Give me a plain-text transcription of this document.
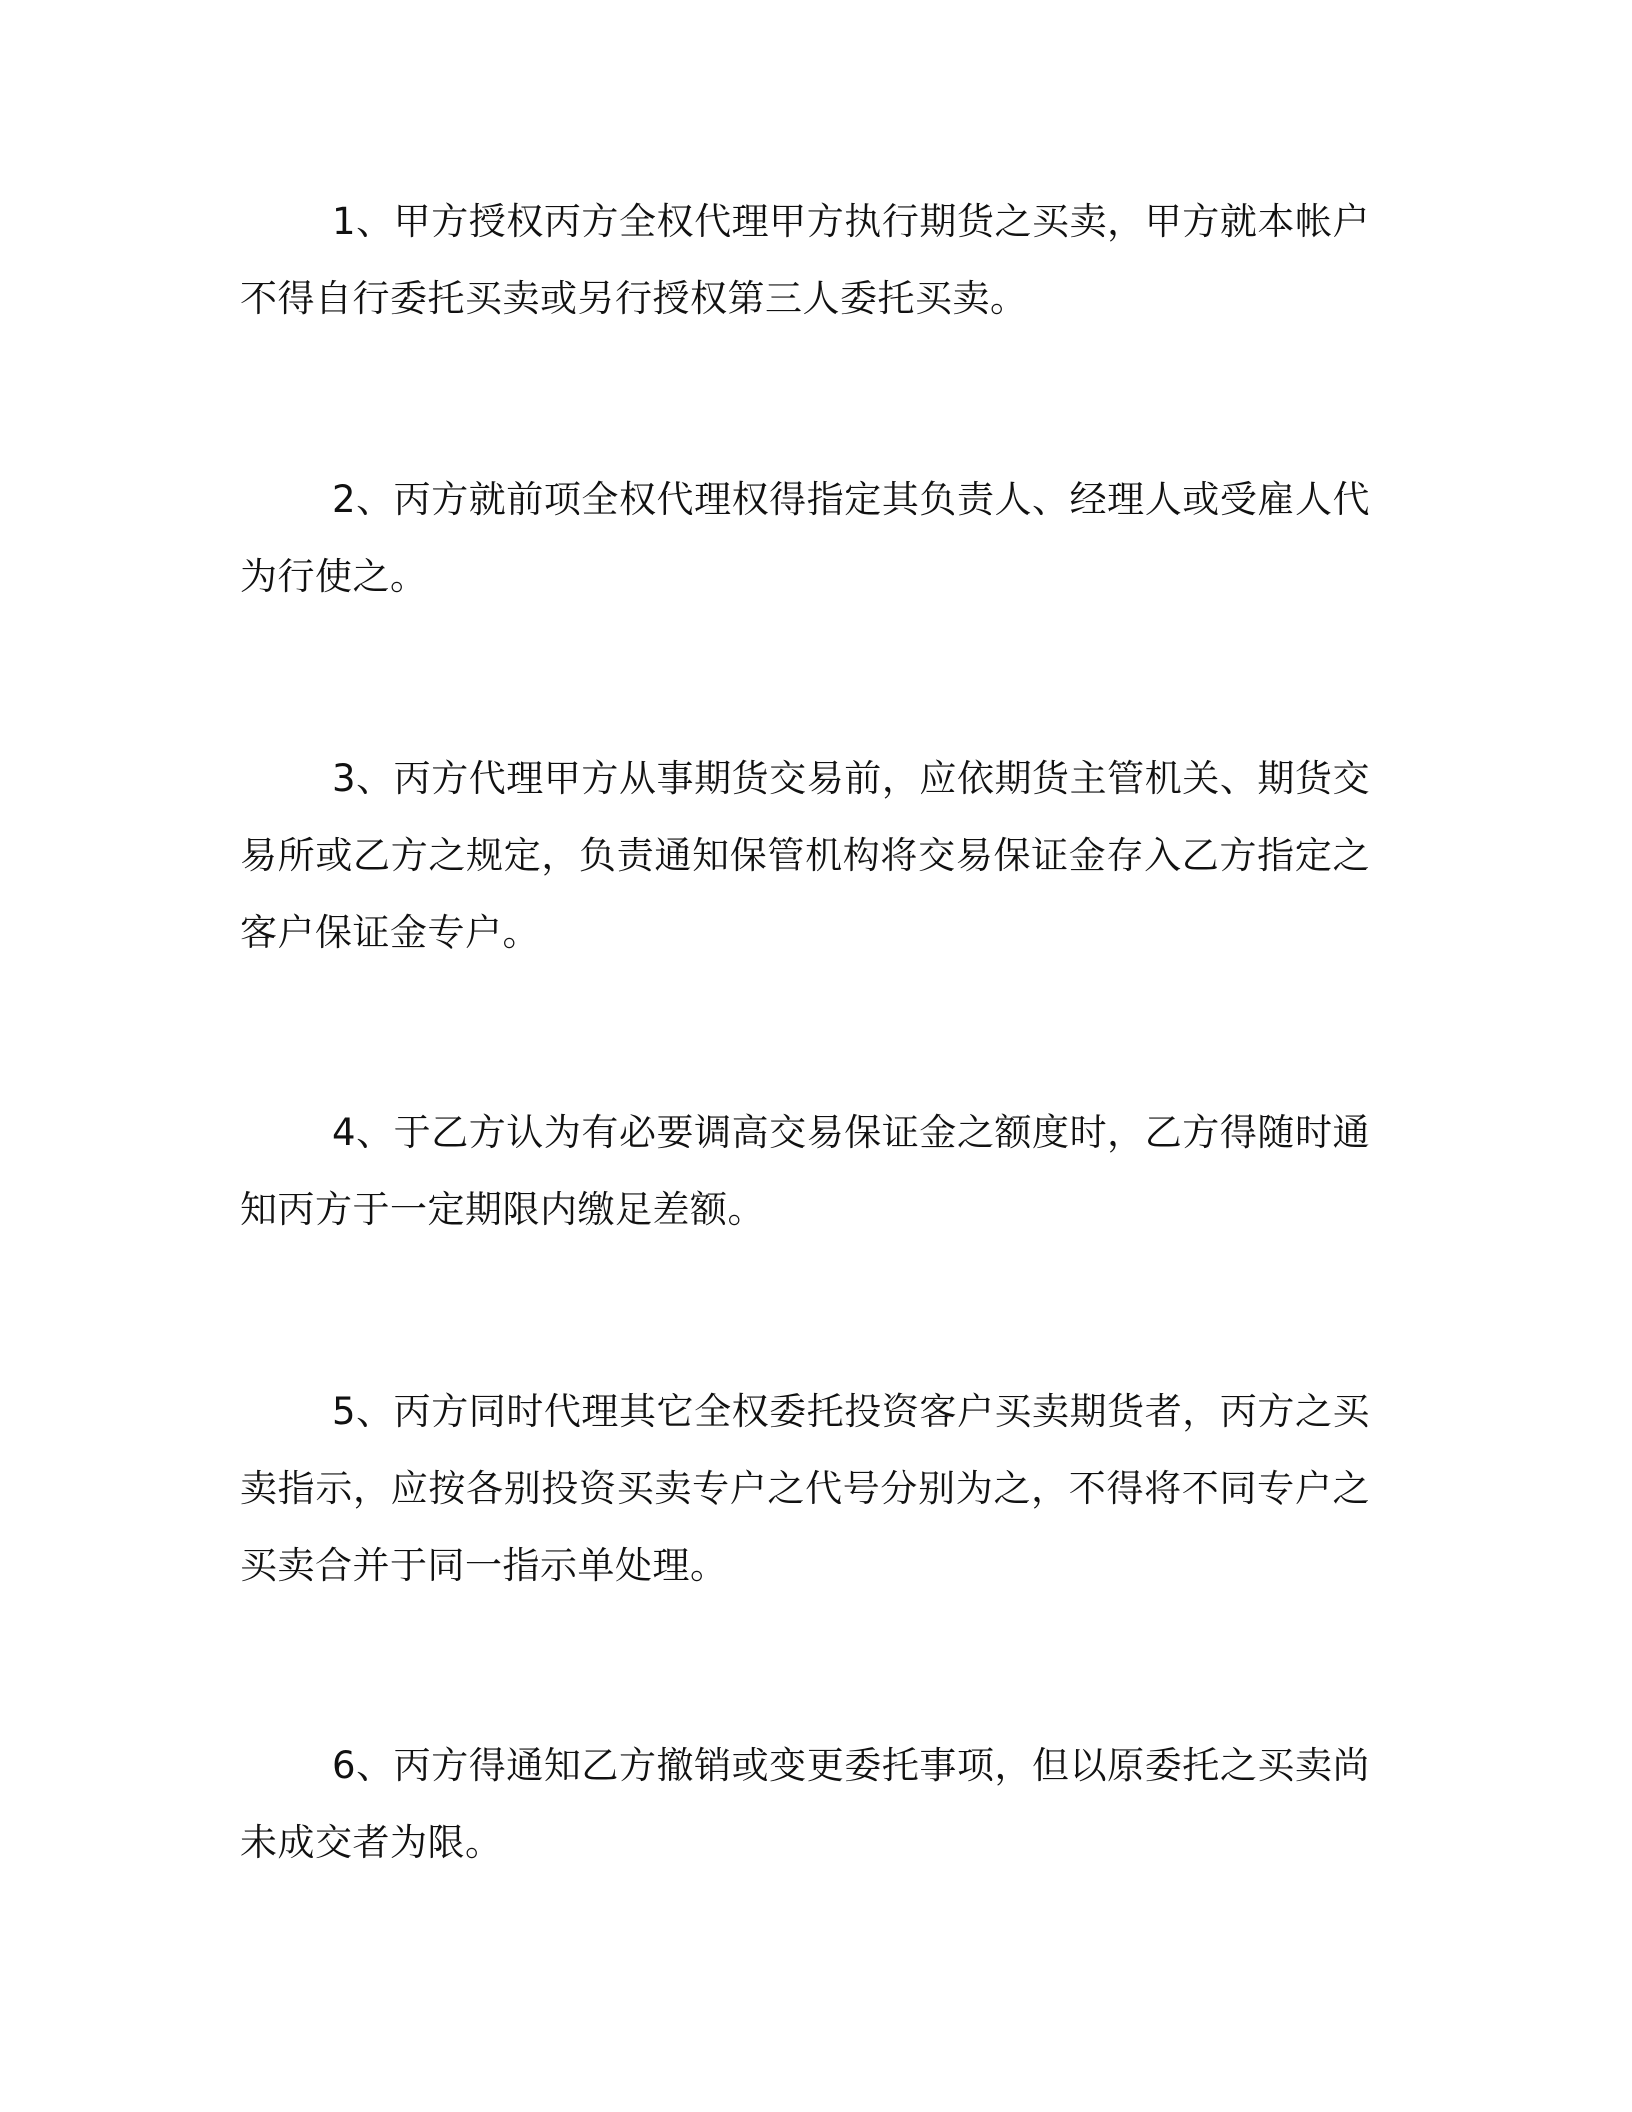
1、甲方授权丙方全权代理甲方执行期货之买卖，甲方就本帐户不得自行委托买卖或另行授权第三人委托买卖。

2、丙方就前项全权代理权得指定其负责人、经理人或受雇人代为行使之。

3、丙方代理甲方从事期货交易前，应依期货主管机关、期货交易所或乙方之规定，负责通知保管机构将交易保证金存入乙方指定之客户保证金专户。

4、于乙方认为有必要调高交易保证金之额度时，乙方得随时通知丙方于一定期限内缴足差额。

5、丙方同时代理其它全权委托投资客户买卖期货者，丙方之买卖指示，应按各别投资买卖专户之代号分别为之，不得将不同专户之买卖合并于同一指示单处理。

6、丙方得通知乙方撤销或变更委托事项，但以原委托之买卖尚未成交者为限。
